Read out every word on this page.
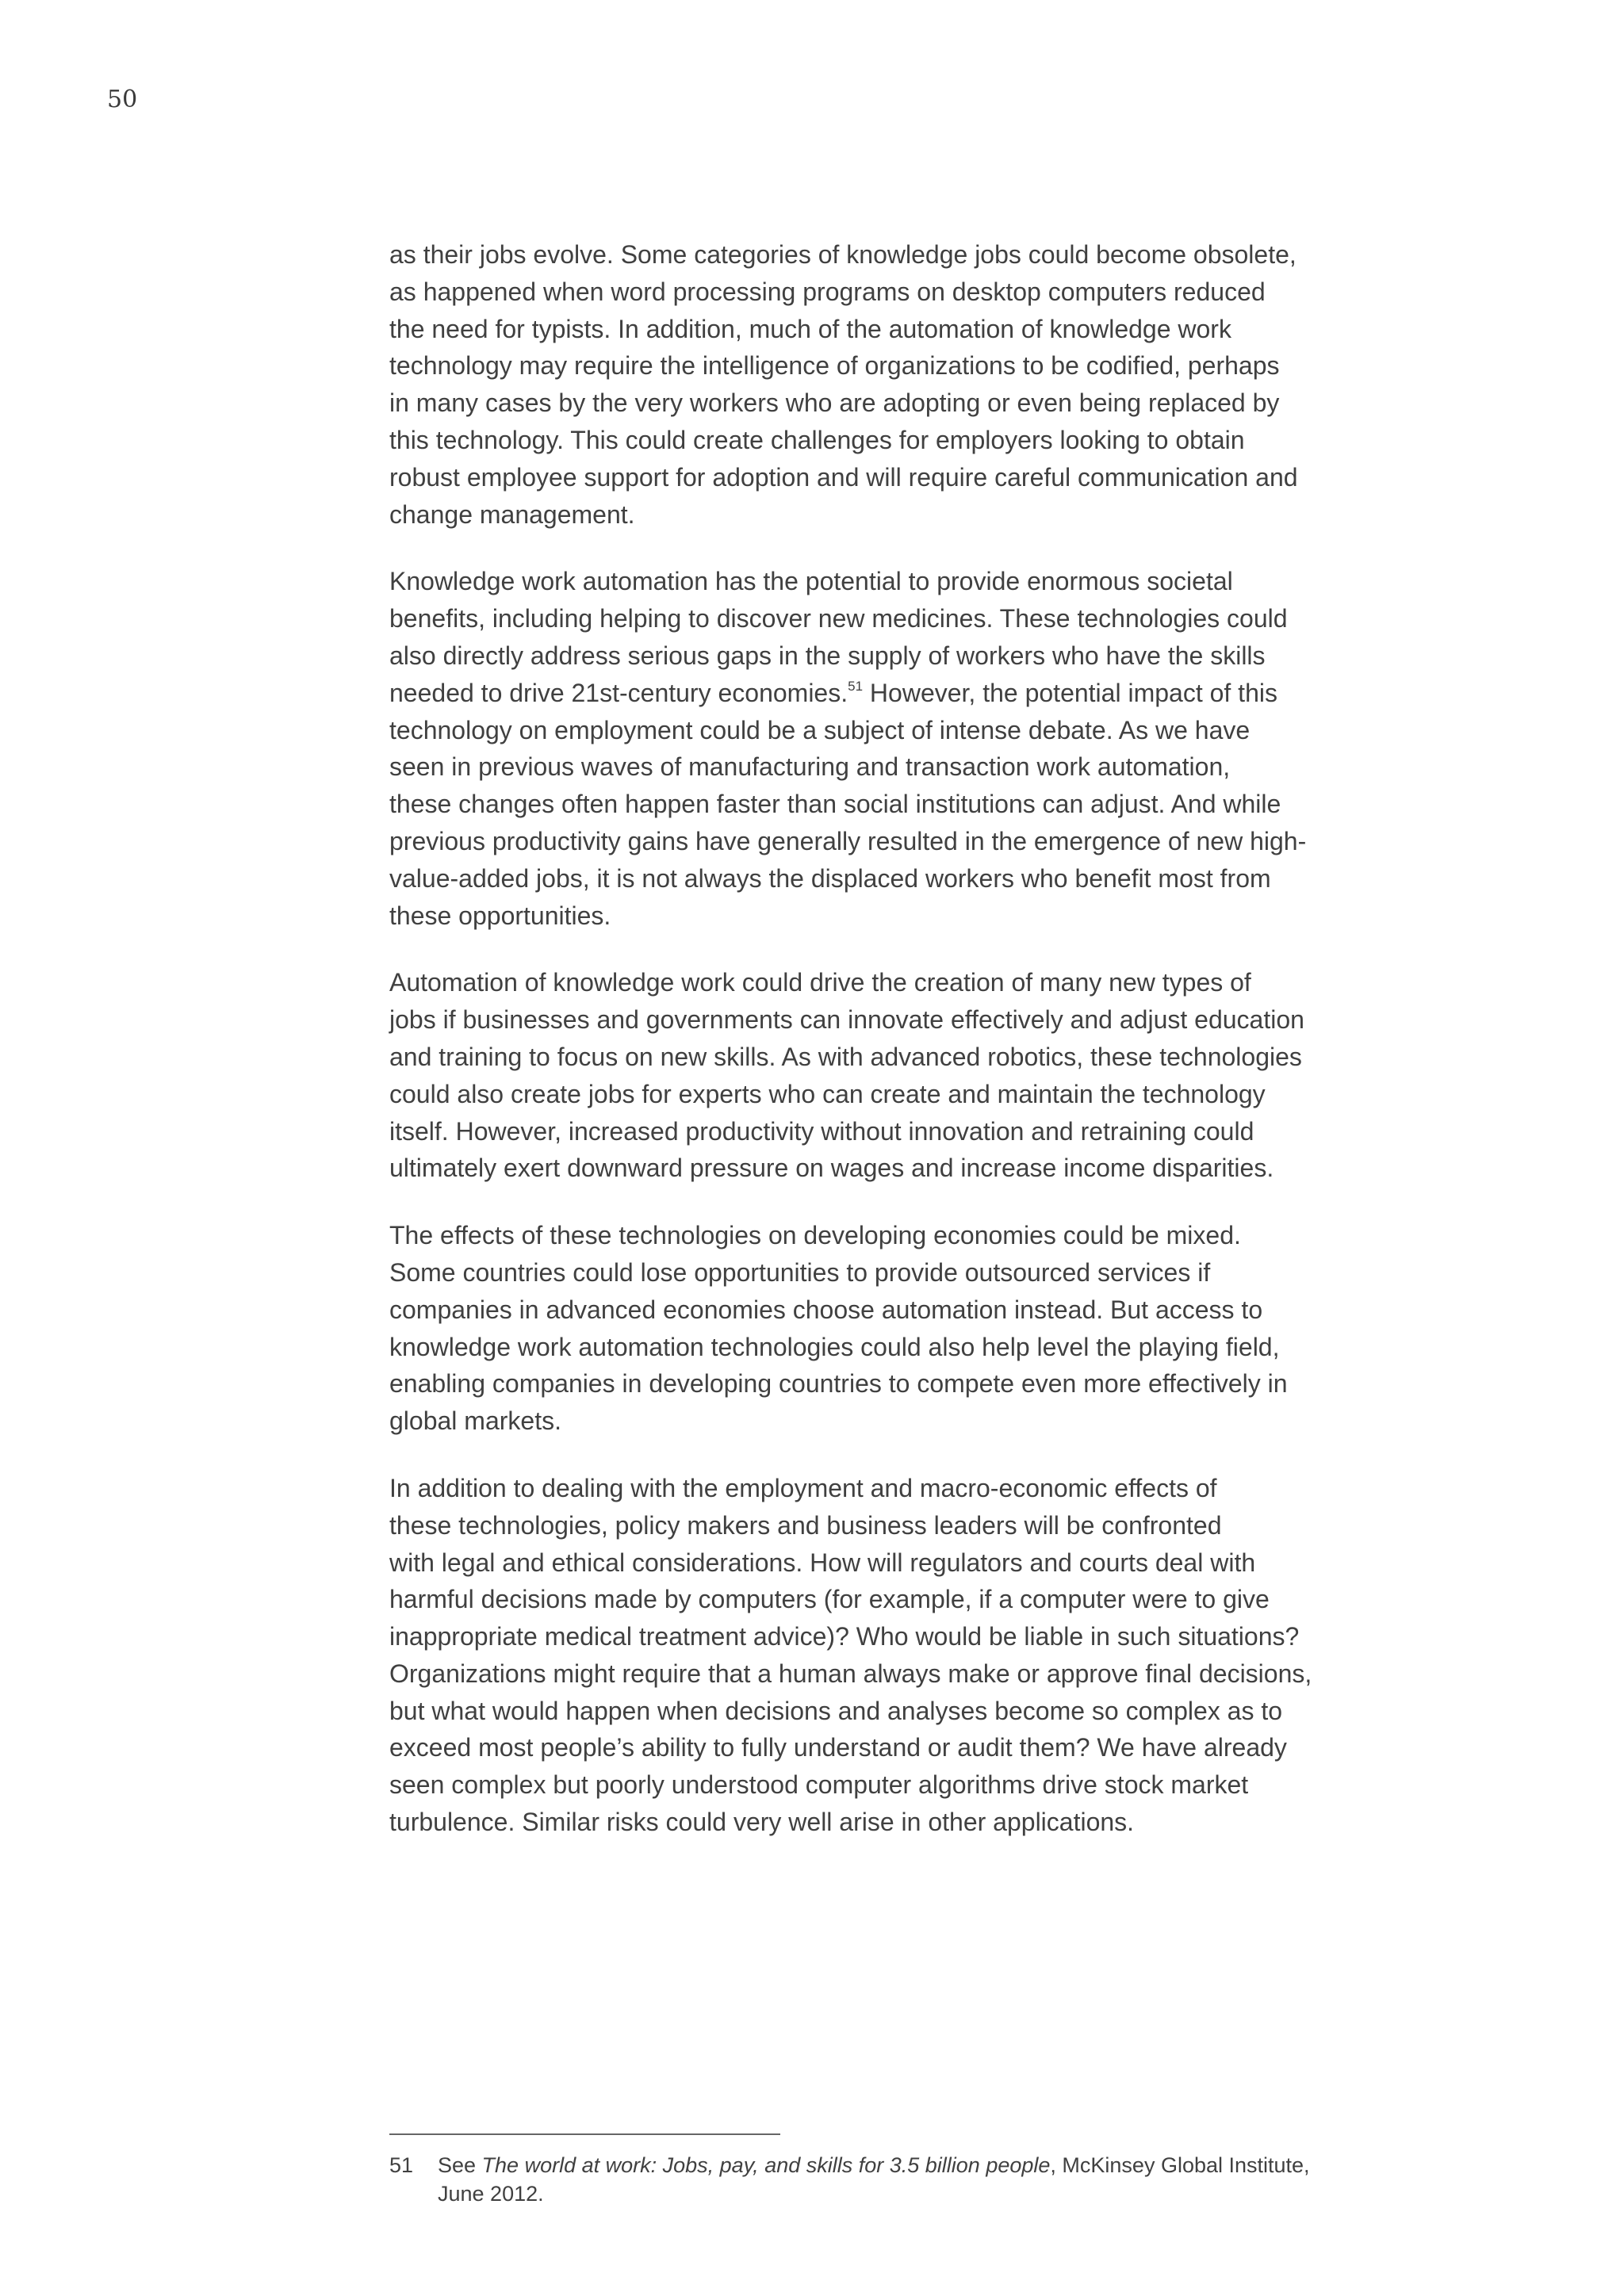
50

as their jobs evolve. Some categories of knowledge jobs could become obsolete,
as happened when word processing programs on desktop computers reduced
the need for typists. In addition, much of the automation of knowledge work
technology may require the intelligence of organizations to be codified, perhaps
in many cases by the very workers who are adopting or even being replaced by
this technology. This could create challenges for employers looking to obtain
robust employee support for adoption and will require careful communication and
change management.

Knowledge work automation has the potential to provide enormous societal
benefits, including helping to discover new medicines. These technologies could
also directly address serious gaps in the supply of workers who have the skills
needed to drive 21st-century economies.$^{51}$ However, the potential impact of this
technology on employment could be a subject of intense debate. As we have
seen in previous waves of manufacturing and transaction work automation,
these changes often happen faster than social institutions can adjust. And while
previous productivity gains have generally resulted in the emergence of new high-
value-added jobs, it is not always the displaced workers who benefit most from
these opportunities.

Automation of knowledge work could drive the creation of many new types of
jobs if businesses and governments can innovate effectively and adjust education
and training to focus on new skills. As with advanced robotics, these technologies
could also create jobs for experts who can create and maintain the technology
itself. However, increased productivity without innovation and retraining could
ultimately exert downward pressure on wages and increase income disparities.

The effects of these technologies on developing economies could be mixed.
Some countries could lose opportunities to provide outsourced services if
companies in advanced economies choose automation instead. But access to
knowledge work automation technologies could also help level the playing field,
enabling companies in developing countries to compete even more effectively in
global markets.

In addition to dealing with the employment and macro-economic effects of
these technologies, policy makers and business leaders will be confronted
with legal and ethical considerations. How will regulators and courts deal with
harmful decisions made by computers (for example, if a computer were to give
inappropriate medical treatment advice)? Who would be liable in such situations?
Organizations might require that a human always make or approve final decisions,
but what would happen when decisions and analyses become so complex as to
exceed most people’s ability to fully understand or audit them? We have already
seen complex but poorly understood computer algorithms drive stock market
turbulence. Similar risks could very well arise in other applications.

51 See The world at work: Jobs, pay, and skills for 3.5 billion people, McKinsey Global Institute,
June 2012.
